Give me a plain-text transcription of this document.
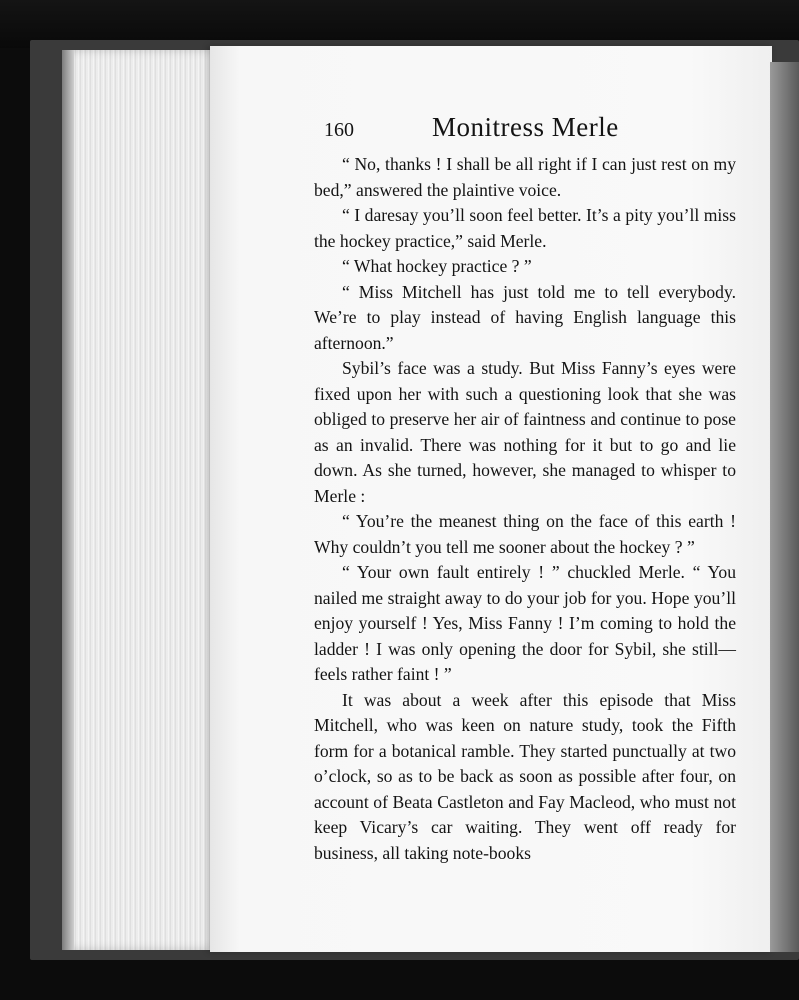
160	Monitress Merle

“ No, thanks ! I shall be all right if I can just rest on my bed,” answered the plaintive voice.

“ I daresay you’ll soon feel better. It’s a pity you’ll miss the hockey practice,” said Merle.

“ What hockey practice ? ”

“ Miss Mitchell has just told me to tell everybody. We’re to play instead of having English language this afternoon.”

Sybil’s face was a study. But Miss Fanny’s eyes were fixed upon her with such a questioning look that she was obliged to preserve her air of faintness and continue to pose as an invalid. There was nothing for it but to go and lie down. As she turned, however, she managed to whisper to Merle :

“ You’re the meanest thing on the face of this earth ! Why couldn’t you tell me sooner about the hockey ? ”

“ Your own fault entirely ! ” chuckled Merle. “ You nailed me straight away to do your job for you. Hope you’ll enjoy yourself ! Yes, Miss Fanny ! I’m coming to hold the ladder ! I was only opening the door for Sybil, she still—feels rather faint ! ”

It was about a week after this episode that Miss Mitchell, who was keen on nature study, took the Fifth form for a botanical ramble. They started punctually at two o’clock, so as to be back as soon as possible after four, on account of Beata Castleton and Fay Macleod, who must not keep Vicary’s car waiting. They went off ready for business, all taking note-books
